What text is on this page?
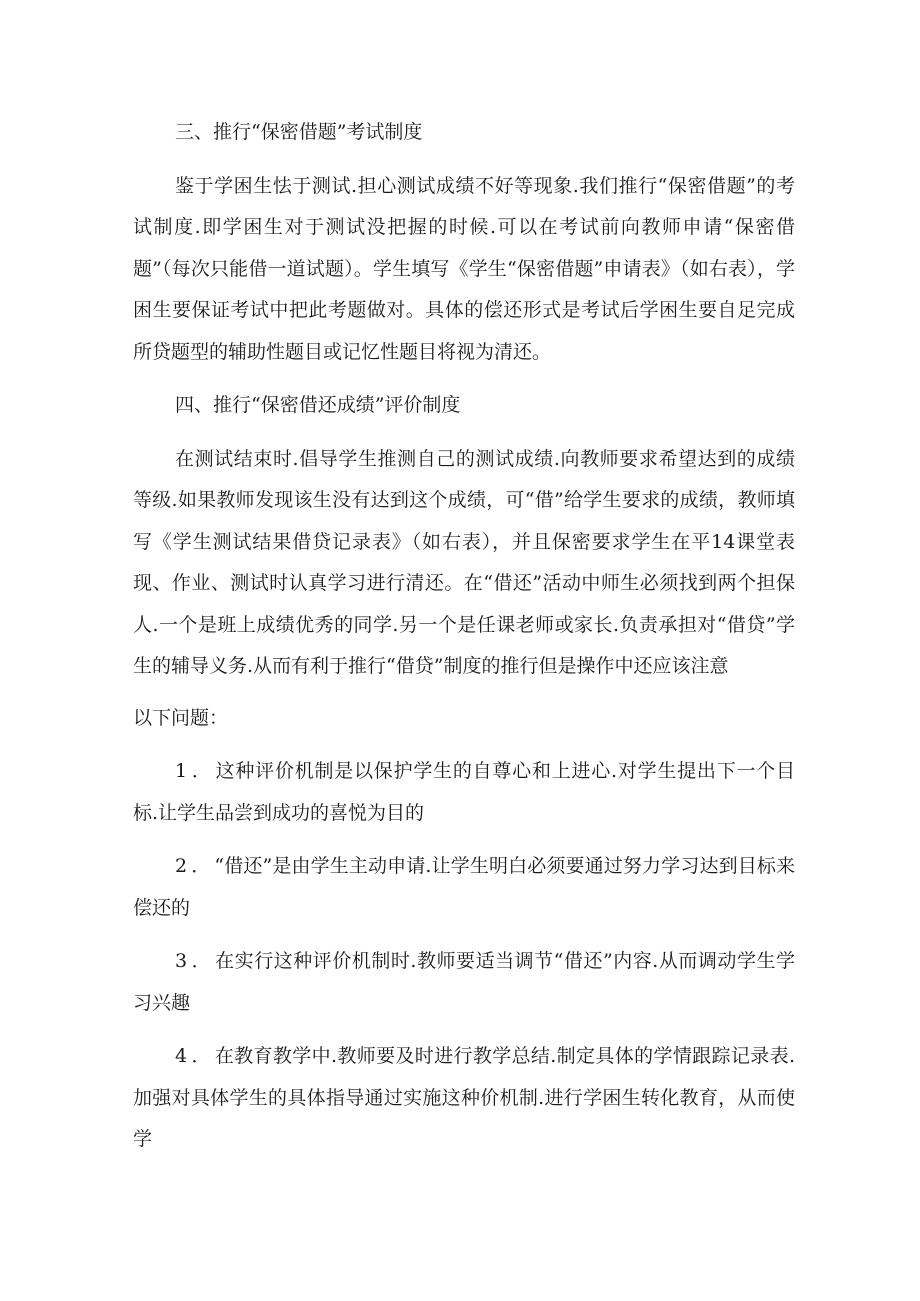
三、推行“保密借题”考试制度

鉴于学困生怯于测试.担心测试成绩不好等现象.我们推行“保密借题”的考试制度.即学困生对于测试没把握的时候.可以在考试前向教师申请“保密借题”（每次只能借一道试题）。学生填写《学生“保密借题”申请表》（如右表），学困生要保证考试中把此考题做对。具体的偿还形式是考试后学困生要自足完成所贷题型的辅助性题目或记忆性题目将视为清还。

四、推行“保密借还成绩”评价制度

在测试结束时.倡导学生推测自己的测试成绩.向教师要求希望达到的成绩等级.如果教师发现该生没有达到这个成绩，可“借”给学生要求的成绩，教师填写《学生测试结果借贷记录表》（如右表），并且保密要求学生在平14课堂表现、作业、测试时认真学习进行清还。在“借还”活动中师生必须找到两个担保人.一个是班上成绩优秀的同学.另一个是任课老师或家长.负责承担对“借贷”学生的辅导义务.从而有利于推行“借贷”制度的推行但是操作中还应该注意

以下问题：

1．这种评价机制是以保护学生的自尊心和上进心.对学生提出下一个目标.让学生品尝到成功的喜悦为目的

2．“借还”是由学生主动申请.让学生明白必须要通过努力学习达到目标来偿还的

3．在实行这种评价机制时.教师要适当调节“借还”内容.从而调动学生学习兴趣

4．在教育教学中.教师要及时进行教学总结.制定具体的学情跟踪记录表.加强对具体学生的具体指导通过实施这种价机制.进行学困生转化教育，从而使学
